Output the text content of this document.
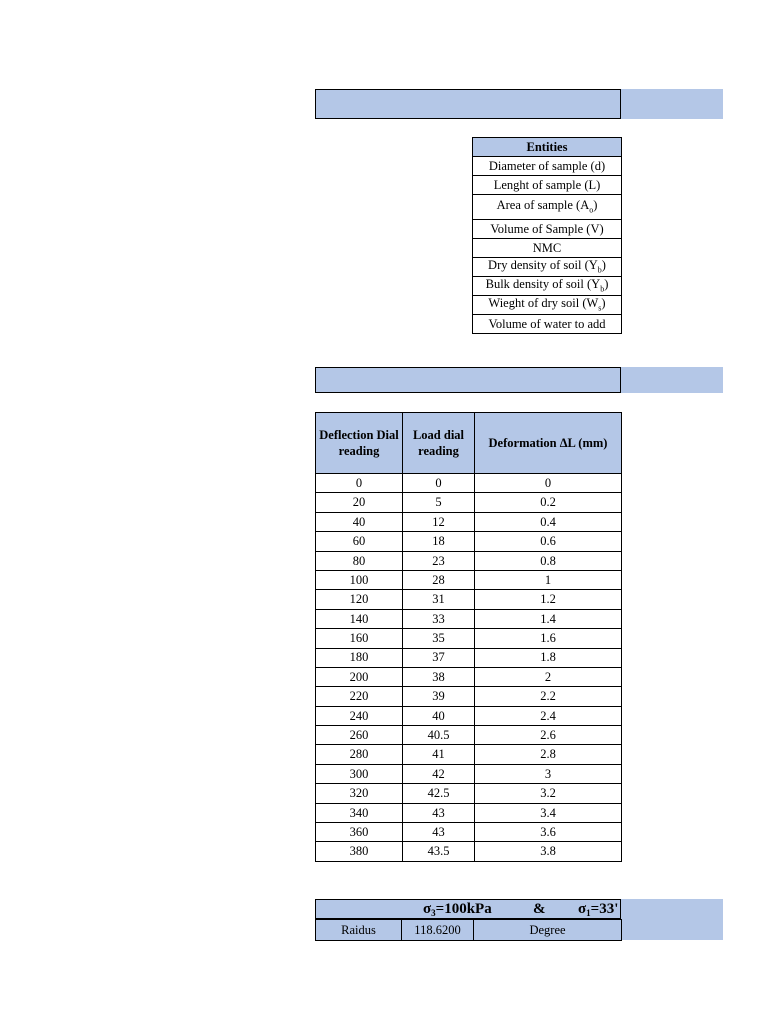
Entities
Diameter of sample (d)
Lenght of sample (L)
Area of sample $(A_o)$
Volume of Sample (V)
NMC
Dry density of soil $(\Upsilon_b)$
Bulk density of soil $(\Upsilon_b)$
Wieght of dry soil $(W_s)$
Volume of water to add
Deflection Dial reading	Load dial reading	Deformation ΔL (mm)
0	0	0
20	5	0.2
40	12	0.4
60	18	0.6
80	23	0.8
100	28	1
120	31	1.2
140	33	1.4
160	35	1.6
180	37	1.8
200	38	2
220	39	2.2
240	40	2.4
260	40.5	2.6
280	41	2.8
300	42	3
320	42.5	3.2
340	43	3.4
360	43	3.6
380	43.5	3.8
$\sigma_3=100kPa$	& $\sigma_1=33'$
Raidus	118.6200	Degree
